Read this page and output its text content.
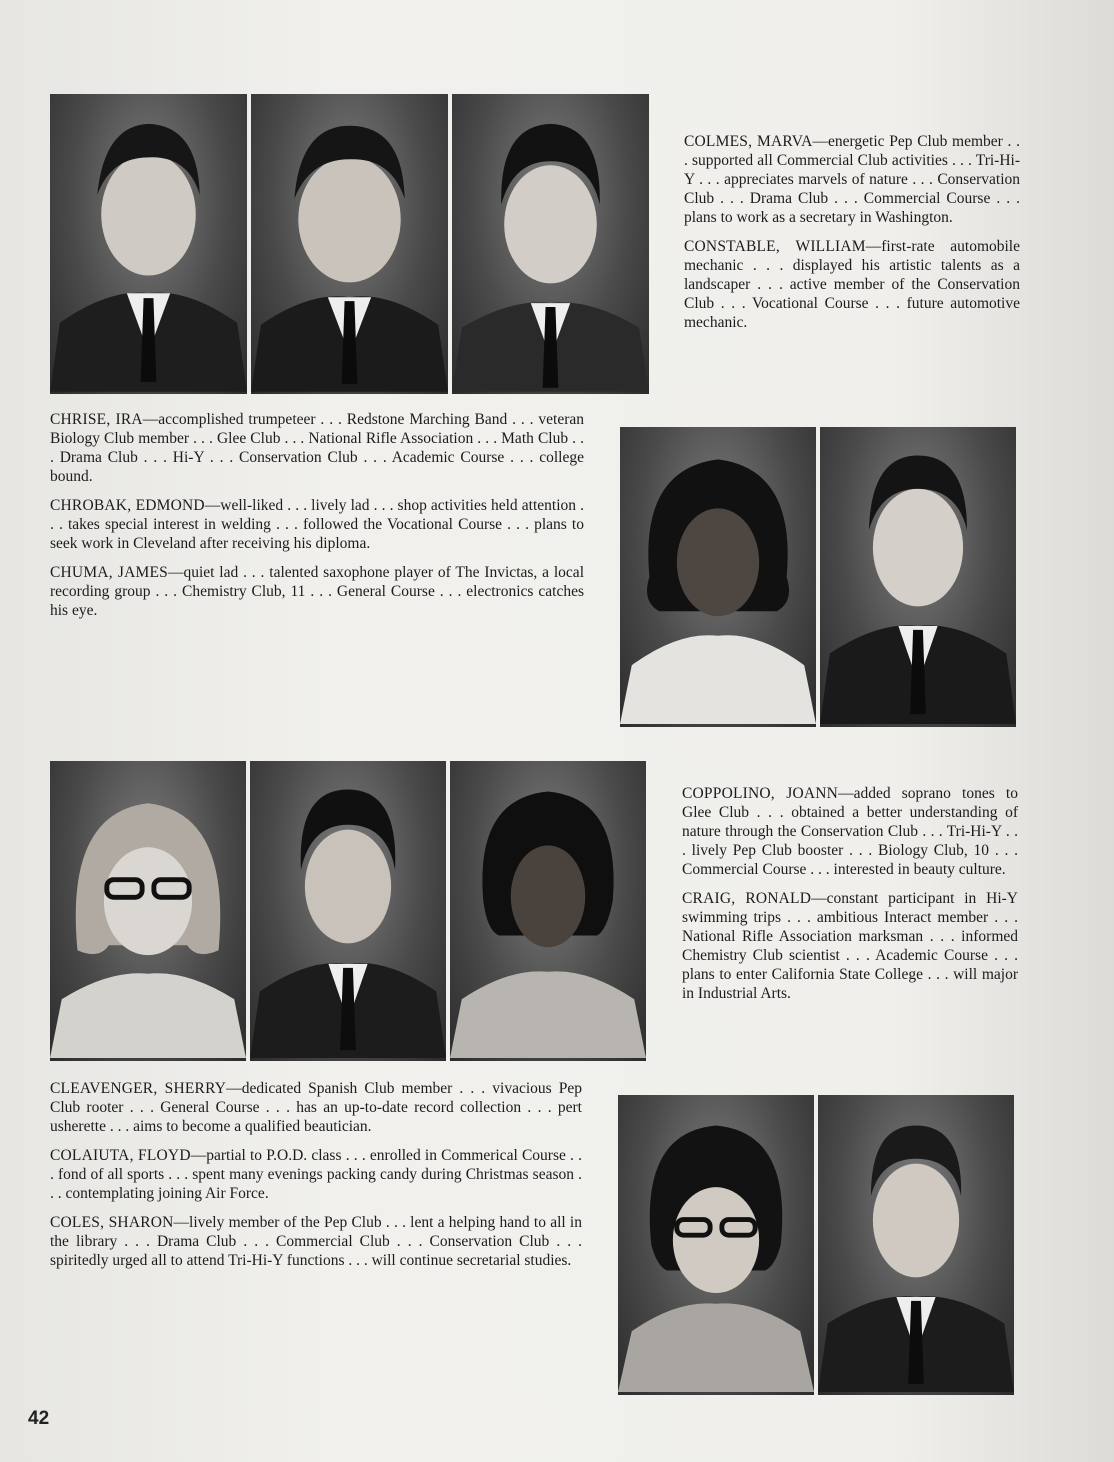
COLMES, MARVA—energetic Pep Club member . . . supported all Commercial Club activities . . . Tri-Hi-Y . . . appreciates marvels of nature . . . Conservation Club . . . Drama Club . . . Commercial Course . . . plans to work as a secretary in Washington.

CONSTABLE, WILLIAM—first-rate automobile mechanic . . . displayed his artistic talents as a landscaper . . . active member of the Conservation Club . . . Vocational Course . . . future automotive mechanic.

CHRISE, IRA—accomplished trumpeteer . . . Redstone Marching Band . . . veteran Biology Club member . . . Glee Club . . . National Rifle Association . . . Math Club . . . Drama Club . . . Hi-Y . . . Conservation Club . . . Academic Course . . . college bound.

CHROBAK, EDMOND—well-liked . . . lively lad . . . shop activities held attention . . . takes special interest in welding . . . followed the Vocational Course . . . plans to seek work in Cleveland after receiving his diploma.

CHUMA, JAMES—quiet lad . . . talented saxophone player of The Invictas, a local recording group . . . Chemistry Club, 11 . . . General Course . . . electronics catches his eye.

COPPOLINO, JOANN—added soprano tones to Glee Club . . . obtained a better understanding of nature through the Conservation Club . . . Tri-Hi-Y . . . lively Pep Club booster . . . Biology Club, 10 . . . Commercial Course . . . interested in beauty culture.

CRAIG, RONALD—constant participant in Hi-Y swimming trips . . . ambitious Interact member . . . National Rifle Association marksman . . . informed Chemistry Club scientist . . . Academic Course . . . plans to enter California State College . . . will major in Industrial Arts.

CLEAVENGER, SHERRY—dedicated Spanish Club member . . . vivacious Pep Club rooter . . . General Course . . . has an up-to-date record collection . . . pert usherette . . . aims to become a qualified beautician.

COLAIUTA, FLOYD—partial to P.O.D. class . . . enrolled in Commerical Course . . . fond of all sports . . . spent many evenings packing candy during Christmas season . . . contemplating joining Air Force.

COLES, SHARON—lively member of the Pep Club . . . lent a helping hand to all in the library . . . Drama Club . . . Commercial Club . . . Conservation Club . . . spiritedly urged all to attend Tri-Hi-Y functions . . . will continue secretarial studies.

42
